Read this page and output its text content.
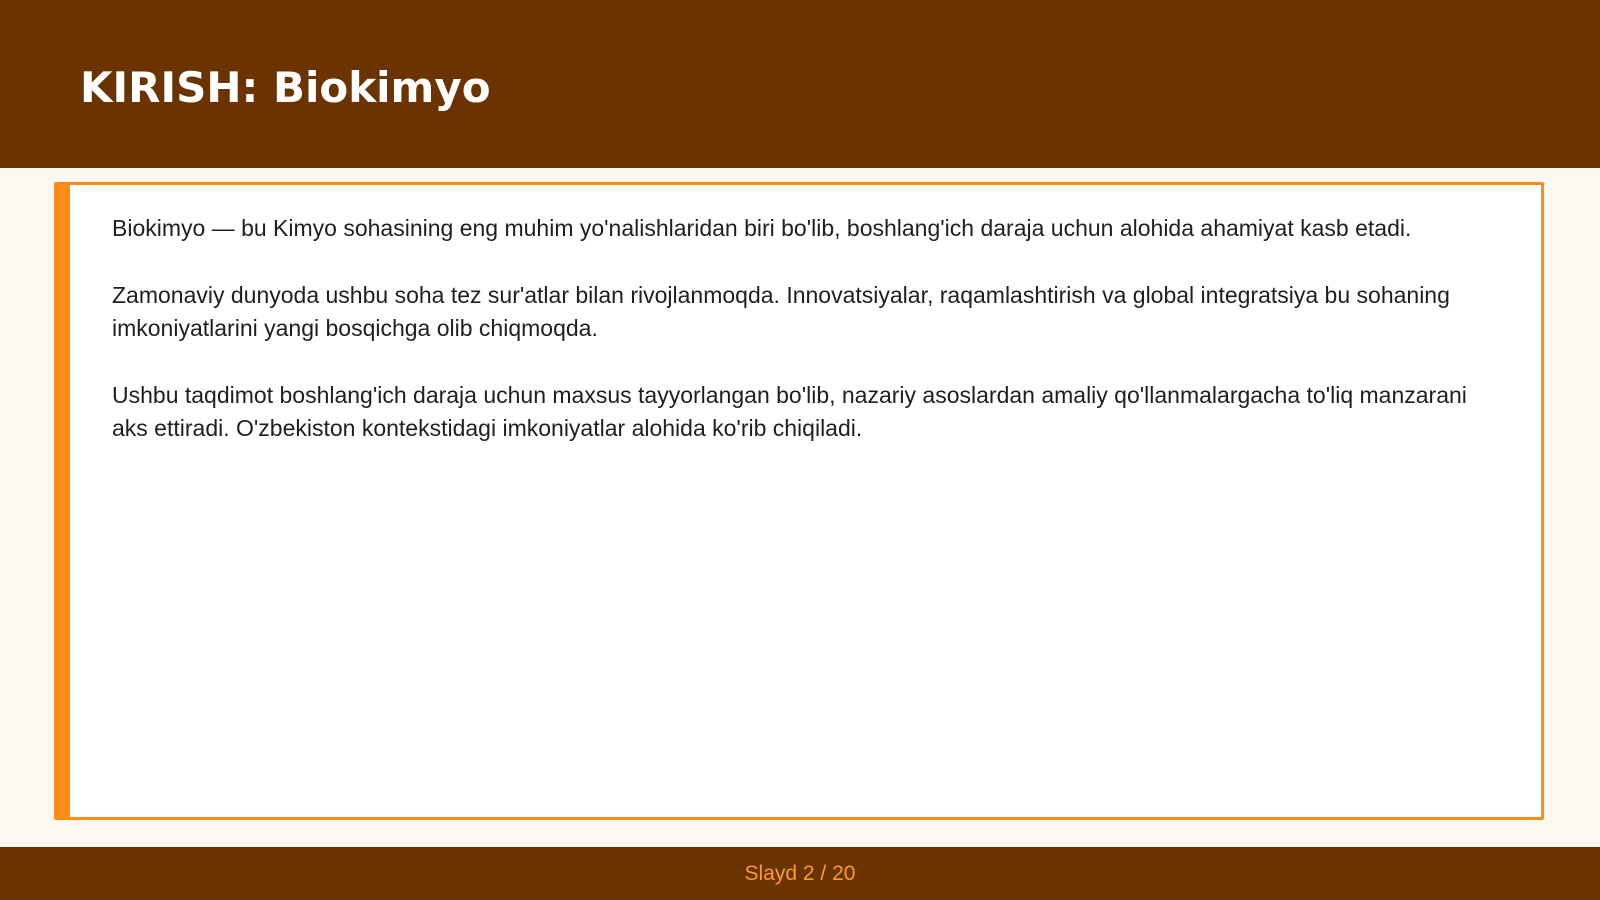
KIRISH: Biokimyo

Biokimyo — bu Kimyo sohasining eng muhim yo'nalishlaridan biri bo'lib, boshlang'ich daraja uchun alohida ahamiyat kasb etadi.

Zamonaviy dunyoda ushbu soha tez sur'atlar bilan rivojlanmoqda. Innovatsiyalar, raqamlashtirish va global integratsiya bu sohaning imkoniyatlarini yangi bosqichga olib chiqmoqda.

Ushbu taqdimot boshlang'ich daraja uchun maxsus tayyorlangan bo'lib, nazariy asoslardan amaliy qo'llanmalargacha to'liq manzarani aks ettiradi. O'zbekiston kontekstidagi imkoniyatlar alohida ko'rib chiqiladi.

Slayd 2 / 20
